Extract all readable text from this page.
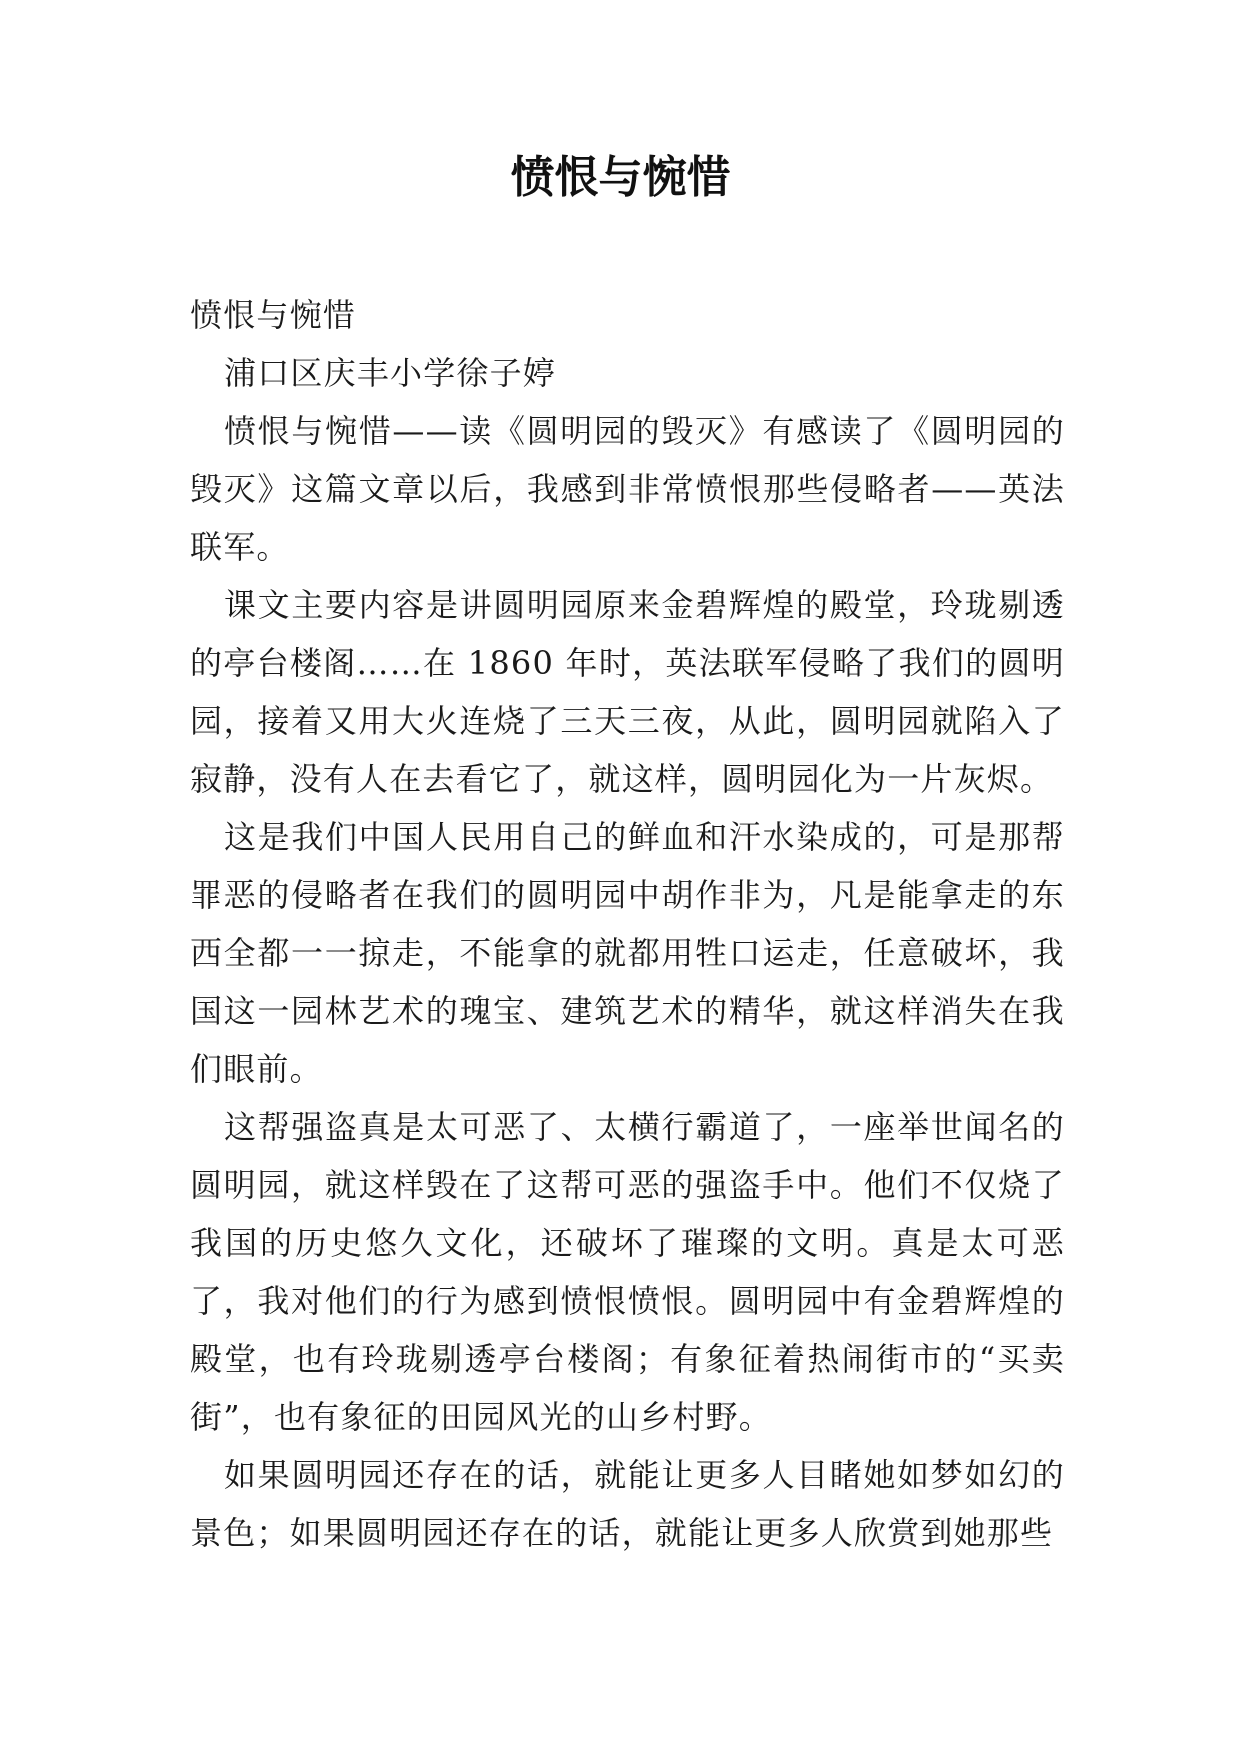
愤恨与惋惜

愤恨与惋惜

浦口区庆丰小学徐子婷

愤恨与惋惜——读《圆明园的毁灭》有感读了《圆明园的毁灭》这篇文章以后，我感到非常愤恨那些侵略者——英法联军。

课文主要内容是讲圆明园原来金碧辉煌的殿堂，玲珑剔透的亭台楼阁……在 1860 年时，英法联军侵略了我们的圆明园，接着又用大火连烧了三天三夜，从此，圆明园就陷入了寂静，没有人在去看它了，就这样，圆明园化为一片灰烬。

这是我们中国人民用自己的鲜血和汗水染成的，可是那帮罪恶的侵略者在我们的圆明园中胡作非为，凡是能拿走的东西全都一一掠走，不能拿的就都用牲口运走，任意破坏，我国这一园林艺术的瑰宝、建筑艺术的精华，就这样消失在我们眼前。

这帮强盗真是太可恶了、太横行霸道了，一座举世闻名的圆明园，就这样毁在了这帮可恶的强盗手中。他们不仅烧了我国的历史悠久文化，还破坏了璀璨的文明。真是太可恶了，我对他们的行为感到愤恨愤恨。圆明园中有金碧辉煌的殿堂，也有玲珑剔透亭台楼阁；有象征着热闹街市的“买卖街”，也有象征的田园风光的山乡村野。

如果圆明园还存在的话，就能让更多人目睹她如梦如幻的景色；如果圆明园还存在的话，就能让更多人欣赏到她那些
